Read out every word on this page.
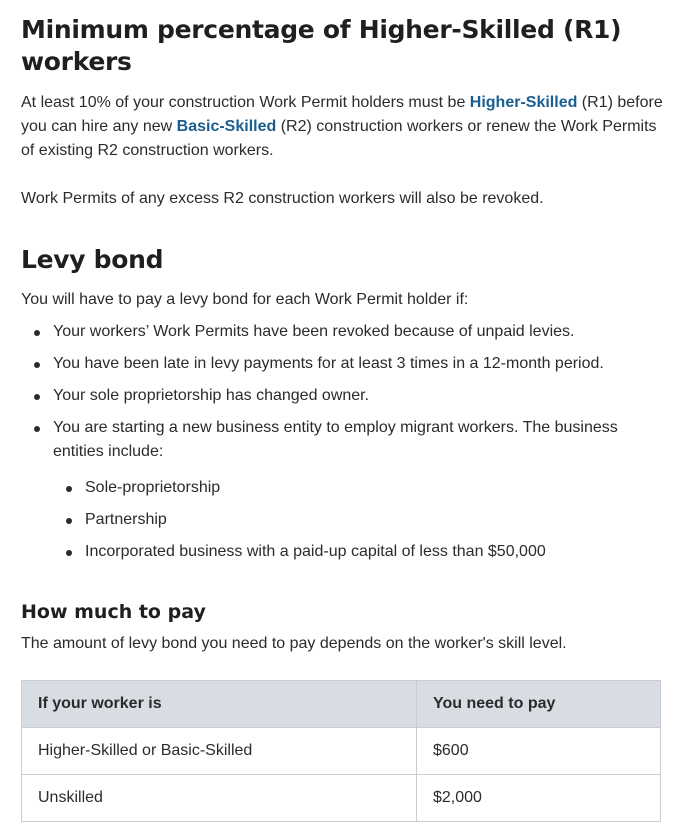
Minimum percentage of Higher-Skilled (R1)
workers

At least 10% of your construction Work Permit holders must be Higher-Skilled (R1) before you can hire any new Basic-Skilled (R2) construction workers or renew the Work Permits of existing R2 construction workers.

Work Permits of any excess R2 construction workers will also be revoked.

Levy bond

You will have to pay a levy bond for each Work Permit holder if:

Your workers’ Work Permits have been revoked because of unpaid levies.
You have been late in levy payments for at least 3 times in a 12-month period.
Your sole proprietorship has changed owner.
You are starting a new business entity to employ migrant workers. The business entities include:
Sole-proprietorship
Partnership
Incorporated business with a paid-up capital of less than $50,000
How much to pay

The amount of levy bond you need to pay depends on the worker's skill level.

If your worker is	You need to pay
Higher-Skilled or Basic-Skilled	$600
Unskilled	$2,000
